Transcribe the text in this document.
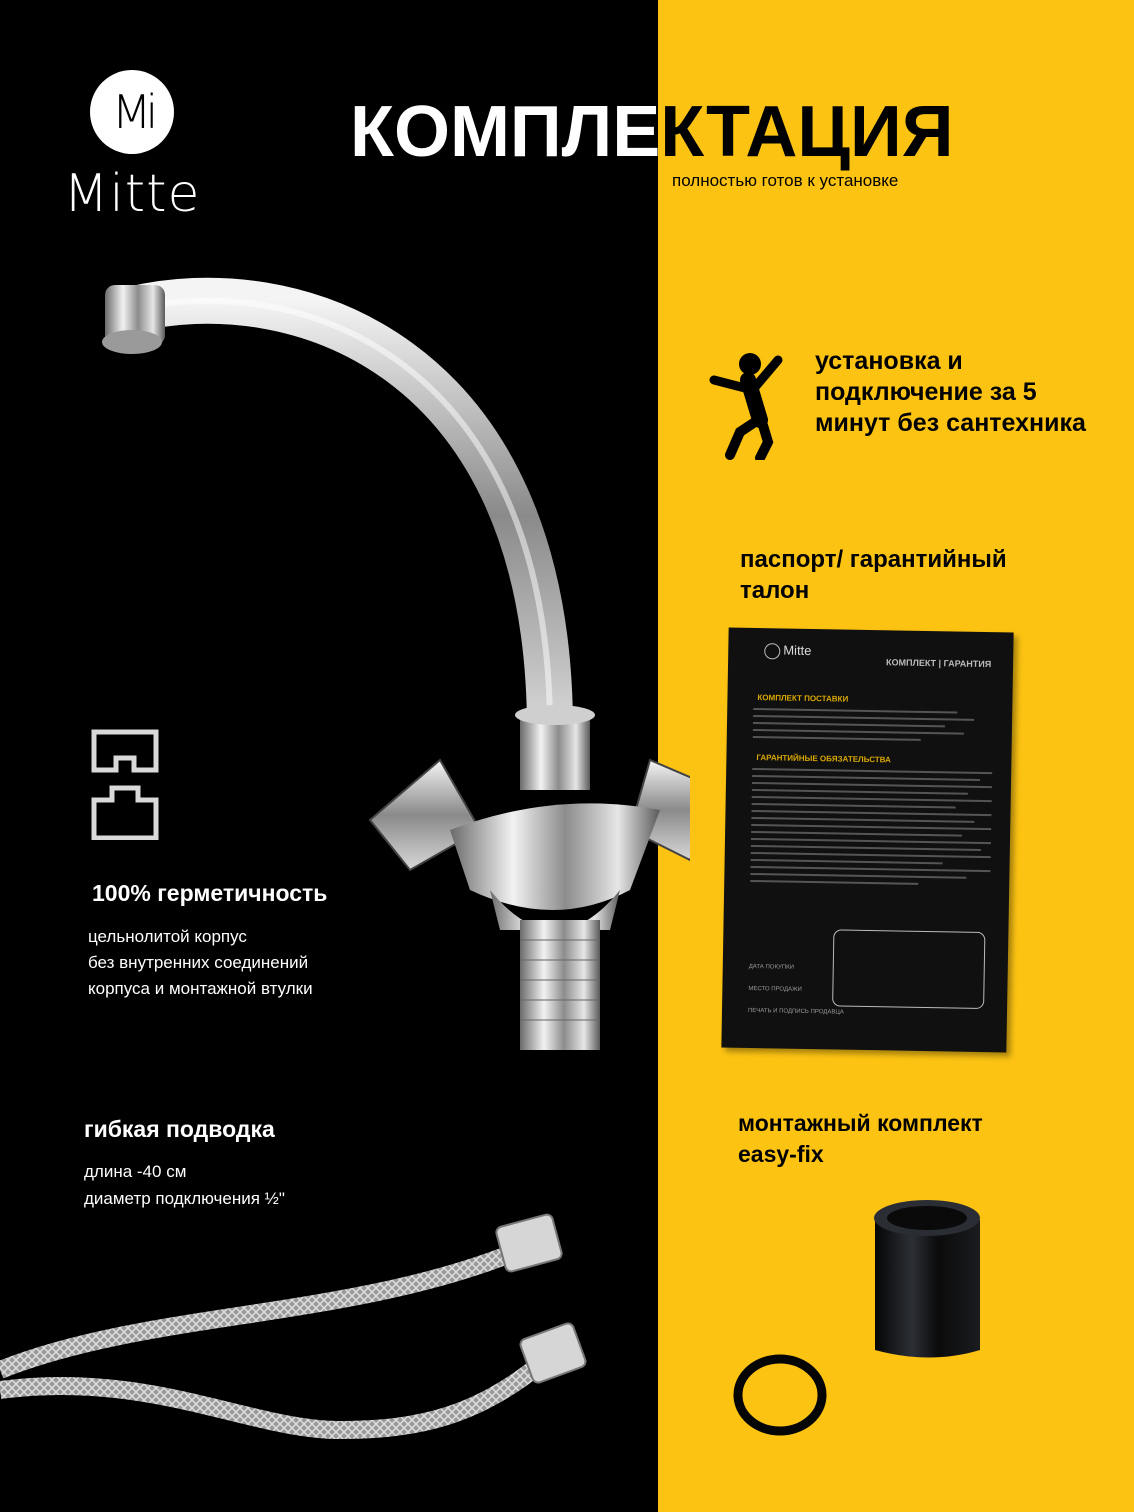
Mi
Mitte
КОМПЛЕКТАЦИЯ
полностью готов к установке
установка и
подключение за 5
минут без сантехника
паспорт/ гарантийный
талон
Mitte
КОМПЛЕКТ | ГАРАНТИЯ
КОМПЛЕКТ ПОСТАВКИ
ГАРАНТИЙНЫЕ ОБЯЗАТЕЛЬСТВА
ДАТА ПОКУПКИ
МЕСТО ПРОДАЖИ
ПЕЧАТЬ И ПОДПИСЬ ПРОДАВЦА
100% герметичность
цельнолитой корпус
без внутренних соединений
корпуса и монтажной втулки
гибкая подводка
длина -40 см
диаметр подключения ½"
монтажный комплект
easy-fix
